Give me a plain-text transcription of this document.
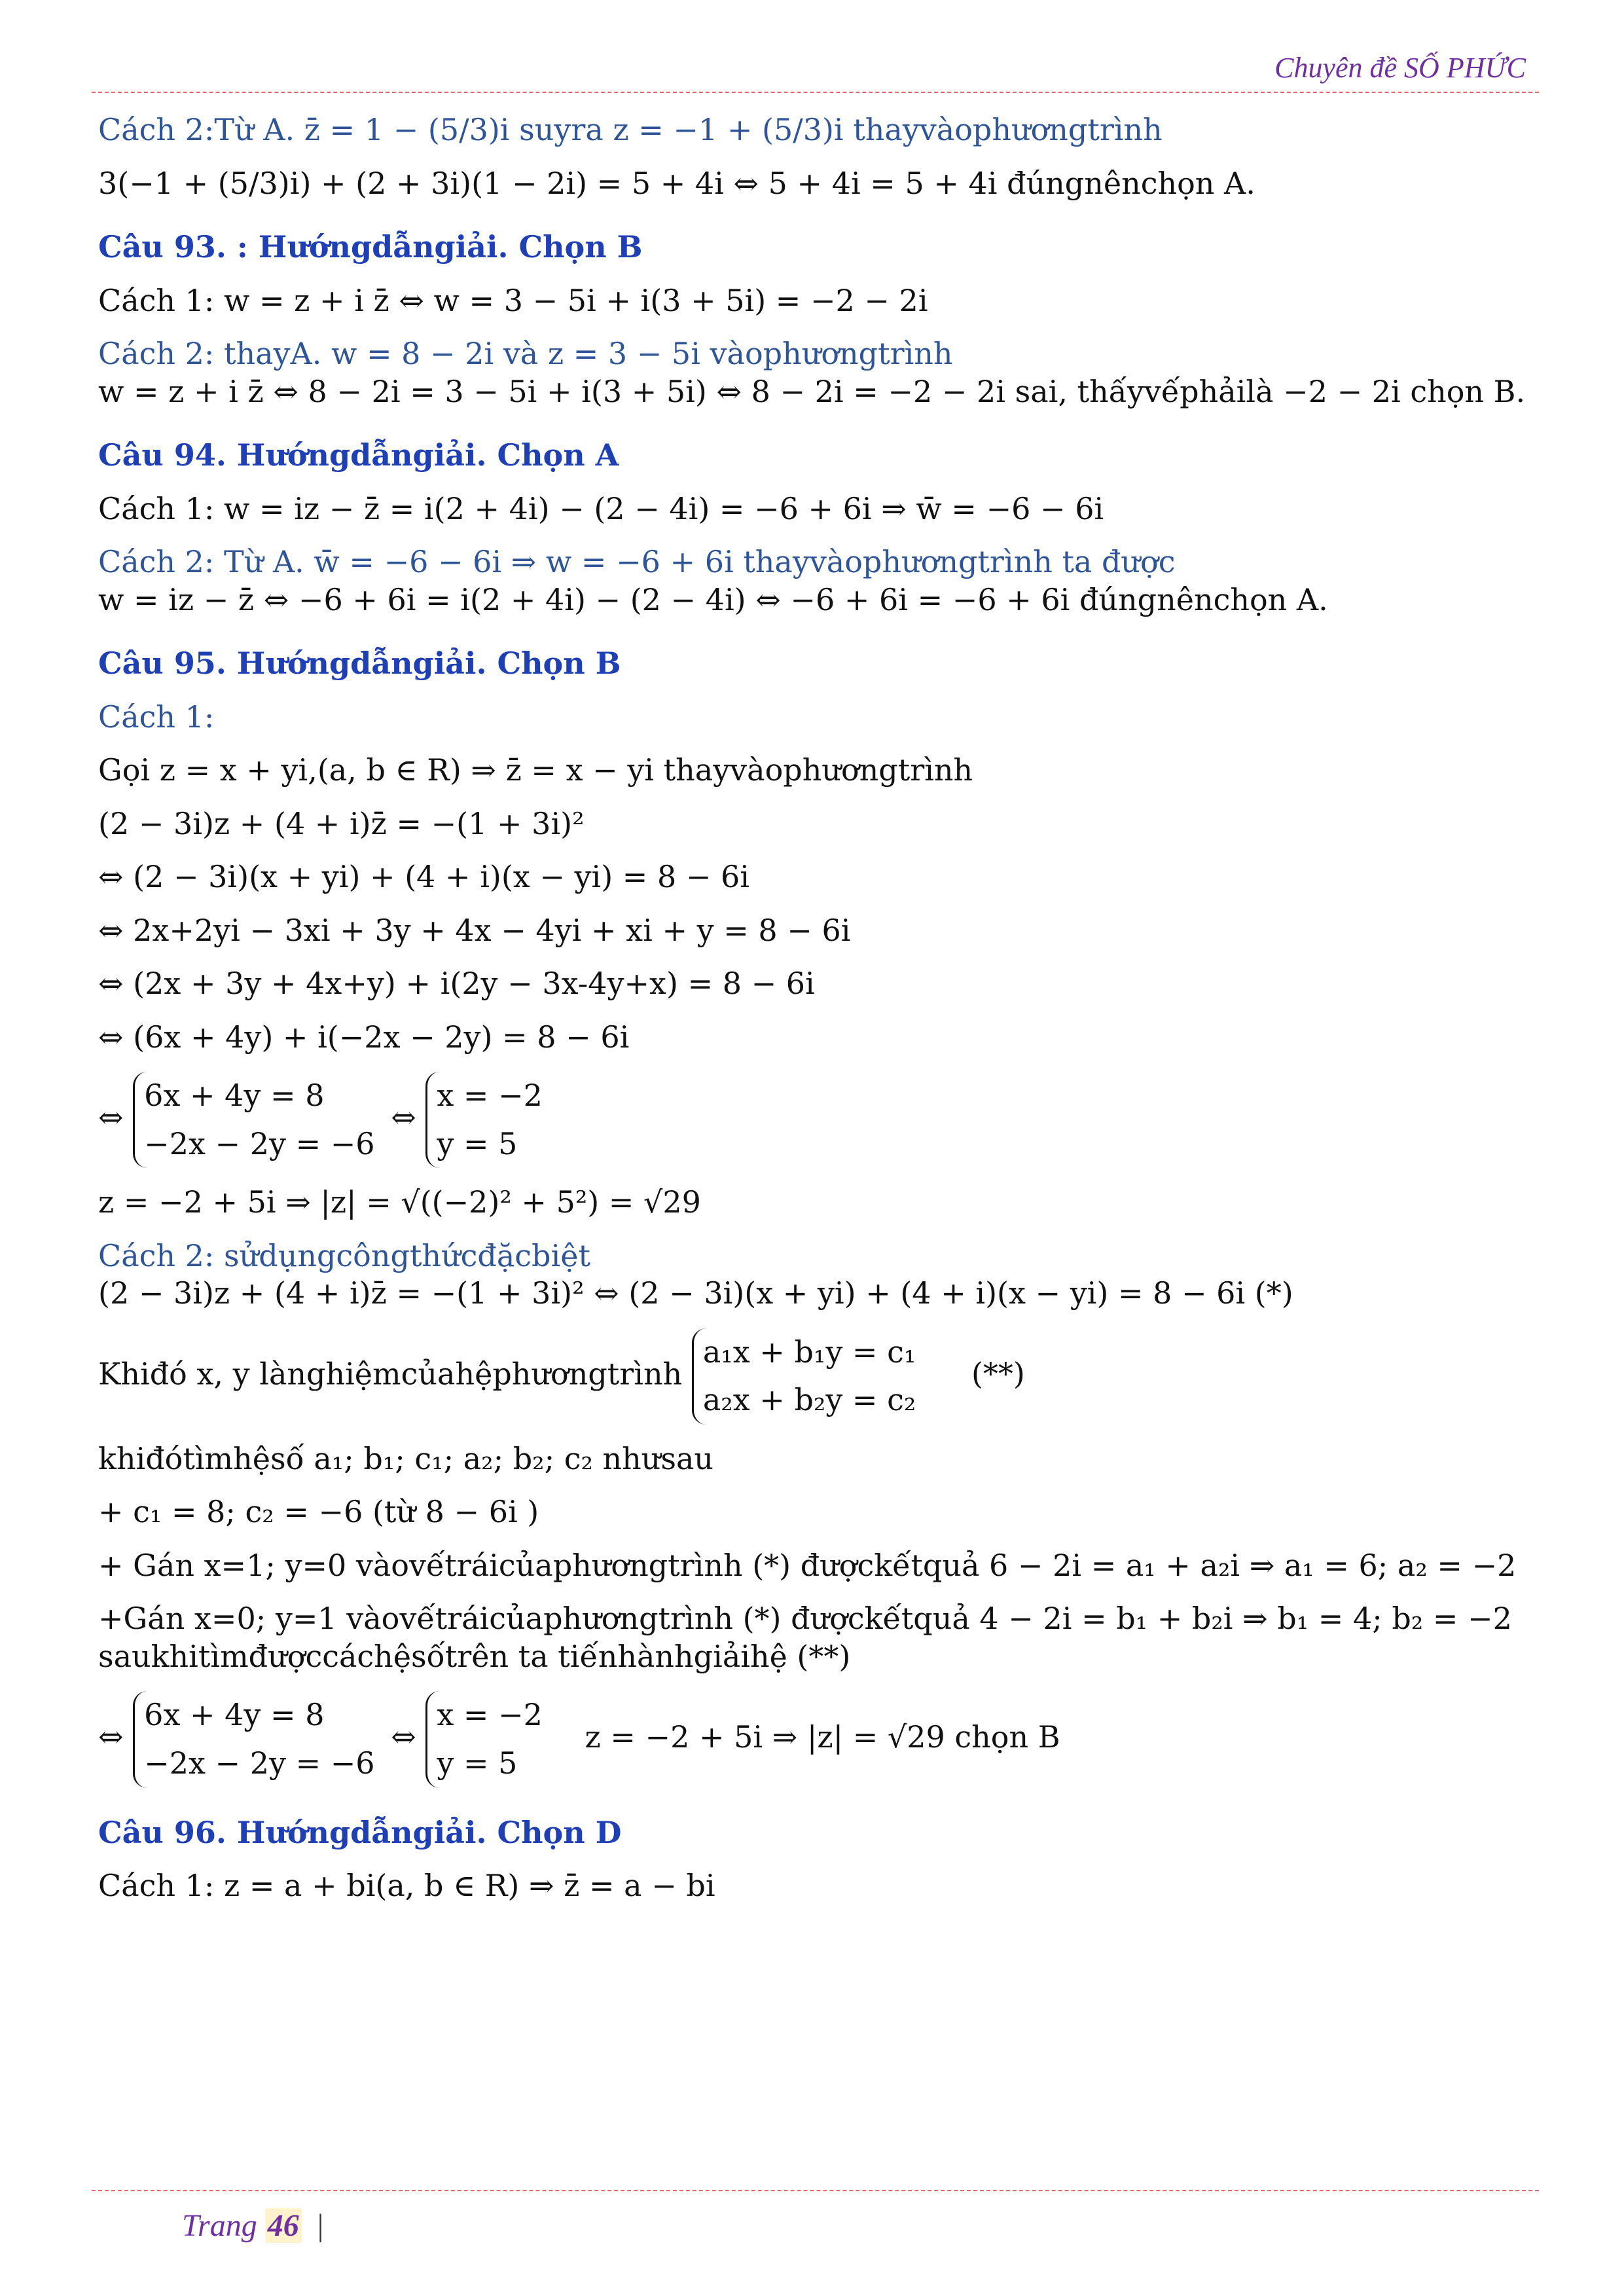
Chuyên đề SỐ PHỨC

Cách 2:Từ A. z̄ = 1 − (5/3)i suyra z = −1 + (5/3)i thayvàophươngtrình

3(−1 + (5/3)i) + (2 + 3i)(1 − 2i) = 5 + 4i ⇔ 5 + 4i = 5 + 4i đúngnênchọn A.

Câu 93. : Hướngdẫngiải. Chọn B

Cách 1: w = z + i z̄ ⇔ w = 3 − 5i + i(3 + 5i) = −2 − 2i

Cách 2: thayA. w = 8 − 2i và z = 3 − 5i vàophươngtrình

w = z + i z̄ ⇔ 8 − 2i = 3 − 5i + i(3 + 5i) ⇔ 8 − 2i = −2 − 2i sai, thấyvếphảilà −2 − 2i chọn B.

Câu 94. Hướngdẫngiải. Chọn A

Cách 1: w = iz − z̄ = i(2 + 4i) − (2 − 4i) = −6 + 6i ⇒ w̄ = −6 − 6i

Cách 2: Từ A. w̄ = −6 − 6i ⇒ w = −6 + 6i thayvàophươngtrình ta được

w = iz − z̄ ⇔ −6 + 6i = i(2 + 4i) − (2 − 4i) ⇔ −6 + 6i = −6 + 6i đúngnênchọn A.

Câu 95. Hướngdẫngiải. Chọn B

Cách 1:

Gọi z = x + yi,(a, b ∈ R) ⇒ z̄ = x − yi thayvàophươngtrình

(2 − 3i)z + (4 + i)z̄ = −(1 + 3i)²

⇔ (2 − 3i)(x + yi) + (4 + i)(x − yi) = 8 − 6i

⇔ 2x+2yi − 3xi + 3y + 4x − 4yi + xi + y = 8 − 6i

⇔ (2x + 3y + 4x+y) + i(2y − 3x-4y+x) = 8 − 6i

⇔ (6x + 4y) + i(−2x − 2y) = 8 − 6i

⇔
6x + 4y = 8
−2x − 2y = −6
⇔
x = −2
y = 5

z = −2 + 5i ⇒ |z| = √((−2)² + 5²) = √29

Cách 2: sửdụngcôngthứcđặcbiệt

(2 − 3i)z + (4 + i)z̄ = −(1 + 3i)² ⇔ (2 − 3i)(x + yi) + (4 + i)(x − yi) = 8 − 6i (*)

Khiđó x, y lànghiệmcủahệphươngtrình
a₁x + b₁y = c₁
a₂x + b₂y = c₂
(**)

khiđótìmhệsố a₁; b₁; c₁; a₂; b₂; c₂ nhưsau

+ c₁ = 8; c₂ = −6 (từ 8 − 6i )

+ Gán x=1; y=0 vàovếtráicủaphươngtrình (*) đượckếtquả 6 − 2i = a₁ + a₂i ⇒ a₁ = 6; a₂ = −2

+Gán x=0; y=1 vàovếtráicủaphươngtrình (*) đượckếtquả 4 − 2i = b₁ + b₂i ⇒ b₁ = 4; b₂ = −2

saukhitìmđượccáchệsốtrên ta tiếnhànhgiảihệ (**)

⇔
6x + 4y = 8
−2x − 2y = −6
⇔
x = −2
y = 5
z = −2 + 5i ⇒ |z| = √29 chọn B

Câu 96. Hướngdẫngiải. Chọn D

Cách 1: z = a + bi(a, b ∈ R) ⇒ z̄ = a − bi

Trang 46 |
